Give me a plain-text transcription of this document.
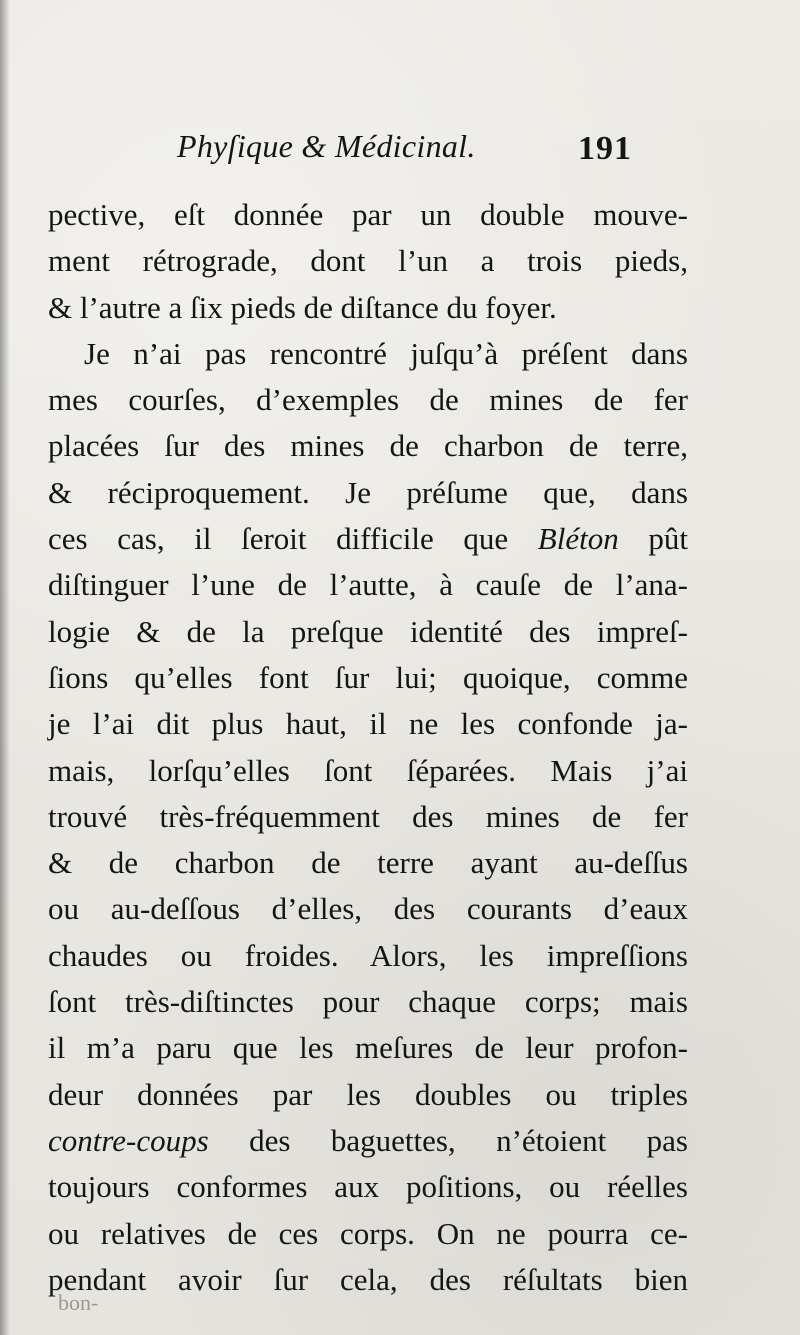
Phyſique & Médicinal.	191
pective, eſt donnée par un double mouve-
ment rétrograde, dont l’un a trois pieds,
& l’autre a ſix pieds de diſtance du foyer.
Je n’ai pas rencontré juſqu’à préſent dans
mes courſes, d’exemples de mines de fer
placées ſur des mines de charbon de terre,
& réciproquement. Je préſume que, dans
ces cas, il ſeroit difficile que Bléton pût
diſtinguer l’une de l’autte, à cauſe de l’ana-
logie & de la preſque identité des impreſ-
ſions qu’elles font ſur lui; quoique, comme
je l’ai dit plus haut, il ne les confonde ja-
mais, lorſqu’elles ſont ſéparées. Mais j’ai
trouvé très-fréquemment des mines de fer
& de charbon de terre ayant au-deſſus
ou au-deſſous d’elles, des courants d’eaux
chaudes ou froides. Alors, les impreſſions
ſont très-diſtinctes pour chaque corps; mais
il m’a paru que les meſures de leur profon-
deur données par les doubles ou triples
contre-coups des baguettes, n’étoient pas
toujours conformes aux poſitions, ou réelles
ou relatives de ces corps. On ne pourra ce-
pendant avoir ſur cela, des réſultats bien
bon-
